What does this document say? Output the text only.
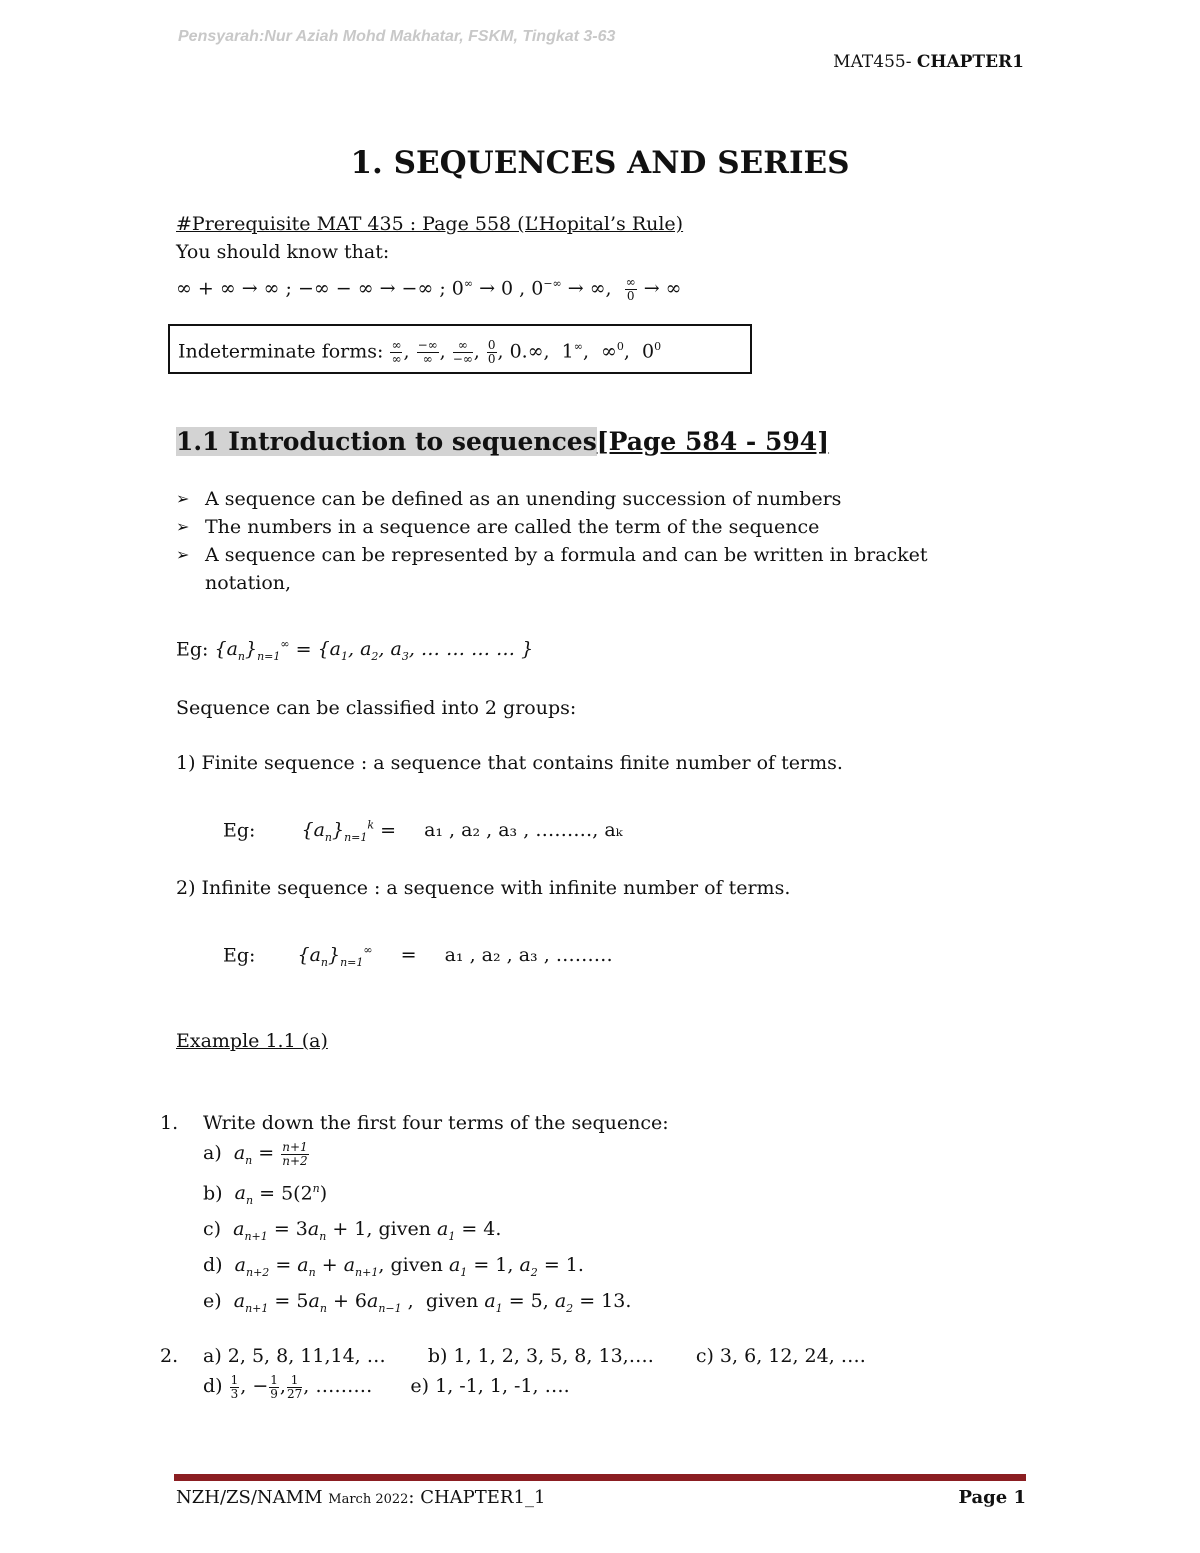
Pensyarah:Nur Aziah Mohd Makhatar, FSKM, Tingkat 3-63
MAT455- CHAPTER1
1. SEQUENCES AND SERIES
#Prerequisite MAT 435 : Page 558 (L’Hopital’s Rule)
You should know that:
∞ + ∞ → ∞ ; −∞ − ∞ → −∞ ; 0∞ → 0 , 0−∞ → ∞, $\frac{\infty}{0}$ → ∞
Indeterminate forms: $\frac{\infty}{\infty}$ , $\frac{-\infty}{\infty}$ , $\frac{\infty}{-\infty}$ , $\frac{0}{0}$ , 0.∞,  1∞,  ∞$^0$,  $0^0$
1.1 Introduction to sequences[Page 584 - 594]
➢ A sequence can be defined as an unending succession of numbers
➢ The numbers in a sequence are called the term of the sequence
➢ A sequence can be represented by a formula and can be written in bracket notation,
Eg: $\{a_n\}_{n=1}^\infty = \{a_1$, $a_2$, $a_3$, … … … … }
Sequence can be classified into 2 groups:
1) Finite sequence : a sequence that contains finite number of terms.
Eg: $\{a_n\}_{n=1}^k = a_1$ , a₂ , a₃ , ………, aₖ
2) Infinite sequence : a sequence with infinite number of terms.
Eg: $\{a_n\}_{n=1}^\infty = a_1$ , a₂ , a₃ , ………
Example 1.1 (a)
1. Write down the first four terms of the sequence:
a)  $a_n = \frac{n+1}{n+2}$
b)  $a_n = 5(2^n)$
c)  $a_{n+1} = 3a_n + 1$, given $a_1 = 4$.
d)  $a_{n+2} = a_n + a_{n+1}$, given $a_1 = 1$, $a_2 = 1$.
e)  $a_{n+1} = 5a_n + 6a_{n-1}$ ,  given $a_1 = 5$, $a_2 = 13$.
2. a) 2, 5, 8, 11,14, … b) 1, 1, 2, 3, 5, 8, 13,…. c) 3, 6, 12, 24, ….
$d) \frac{1}{3}$ , − $\frac{1}{9}$ , $\frac{1}{27}$ , ……… e) 1, -1, 1, -1, ….
NZH/ZS/NAMM March 2022: CHAPTER1_1	Page 1
